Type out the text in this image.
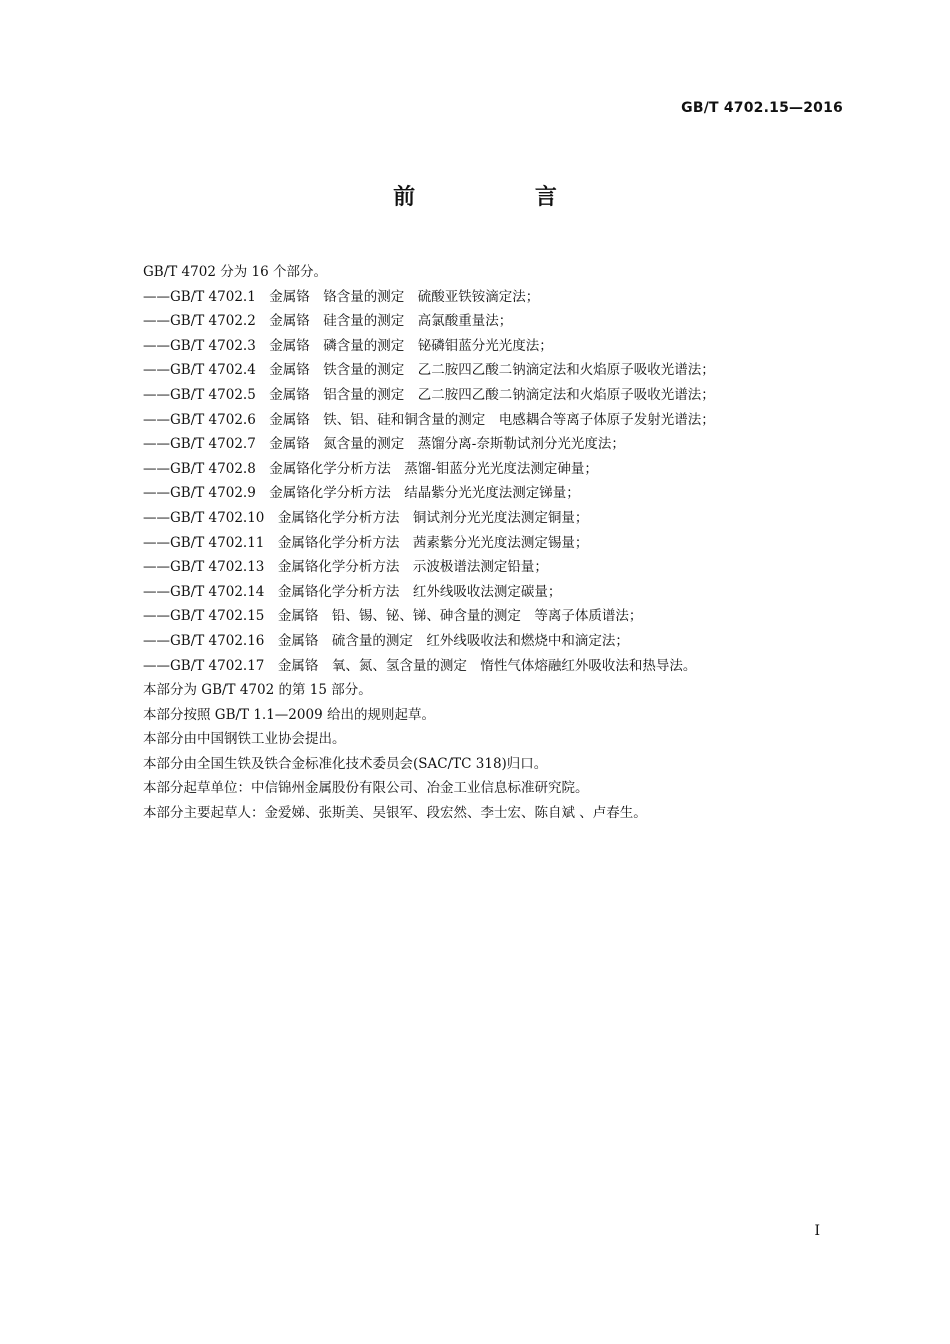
GB/T 4702.15—2016
前 言
GB/T 4702 分为 16 个部分。
——GB/T 4702.1　金属铬　铬含量的测定　硫酸亚铁铵滴定法；
——GB/T 4702.2　金属铬　硅含量的测定　高氯酸重量法；
——GB/T 4702.3　金属铬　磷含量的测定　铋磷钼蓝分光光度法；
——GB/T 4702.4　金属铬　铁含量的测定　乙二胺四乙酸二钠滴定法和火焰原子吸收光谱法；
——GB/T 4702.5　金属铬　铝含量的测定　乙二胺四乙酸二钠滴定法和火焰原子吸收光谱法；
——GB/T 4702.6　金属铬　铁、铝、硅和铜含量的测定　电感耦合等离子体原子发射光谱法；
——GB/T 4702.7　金属铬　氮含量的测定　蒸馏分离-奈斯勒试剂分光光度法；
——GB/T 4702.8　金属铬化学分析方法　蒸馏-钼蓝分光光度法测定砷量；
——GB/T 4702.9　金属铬化学分析方法　结晶紫分光光度法测定锑量；
——GB/T 4702.10　金属铬化学分析方法　铜试剂分光光度法测定铜量；
——GB/T 4702.11　金属铬化学分析方法　茜素紫分光光度法测定锡量；
——GB/T 4702.13　金属铬化学分析方法　示波极谱法测定铅量；
——GB/T 4702.14　金属铬化学分析方法　红外线吸收法测定碳量；
——GB/T 4702.15　金属铬　铅、锡、铋、锑、砷含量的测定　等离子体质谱法；
——GB/T 4702.16　金属铬　硫含量的测定　红外线吸收法和燃烧中和滴定法；
——GB/T 4702.17　金属铬　氧、氮、氢含量的测定　惰性气体熔融红外吸收法和热导法。
本部分为 GB/T 4702 的第 15 部分。
本部分按照 GB/T 1.1—2009 给出的规则起草。
本部分由中国钢铁工业协会提出。
本部分由全国生铁及铁合金标准化技术委员会(SAC/TC 318)归口。
本部分起草单位：中信锦州金属股份有限公司、冶金工业信息标准研究院。
本部分主要起草人：金爱娣、张斯美、吴银军、段宏然、李士宏、陈自斌 、卢春生。
I
